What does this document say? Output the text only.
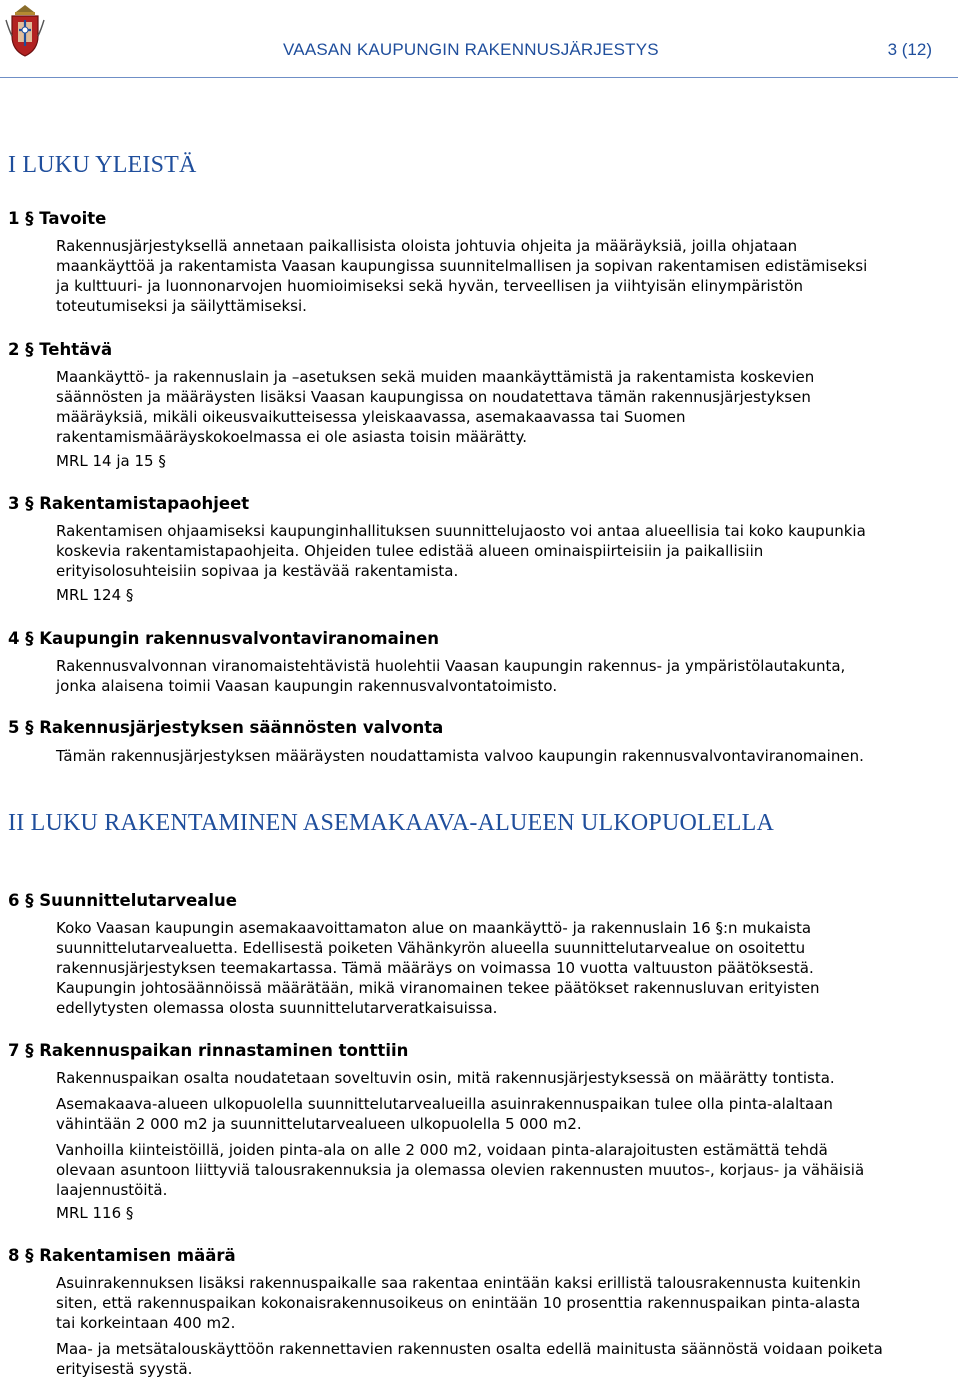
VAASAN KAUPUNGIN RAKENNUSJÄRJESTYS	3 (12)
I LUKU YLEISTÄ
1 § Tavoite
Rakennusjärjestyksellä annetaan paikallisista oloista johtuvia ohjeita ja määräyksiä, joilla ohjataan
maankäyttöä ja rakentamista Vaasan kaupungissa suunnitelmallisen ja sopivan rakentamisen edistämiseksi
ja kulttuuri- ja luonnonarvojen huomioimiseksi sekä hyvän, terveellisen ja viihtyisän elinympäristön
toteutumiseksi ja säilyttämiseksi.
2 § Tehtävä
Maankäyttö- ja rakennuslain ja –asetuksen sekä muiden maankäyttämistä ja rakentamista koskevien
säännösten ja määräysten lisäksi Vaasan kaupungissa on noudatettava tämän rakennusjärjestyksen
määräyksiä, mikäli oikeusvaikutteisessa yleiskaavassa, asemakaavassa tai Suomen
rakentamismääräyskokoelmassa ei ole asiasta toisin määrätty.
MRL 14 ja 15 §
3 § Rakentamistapaohjeet
Rakentamisen ohjaamiseksi kaupunginhallituksen suunnittelujaosto voi antaa alueellisia tai koko kaupunkia
koskevia rakentamistapaohjeita. Ohjeiden tulee edistää alueen ominaispiirteisiin ja paikallisiin
erityisolosuhteisiin sopivaa ja kestävää rakentamista.
MRL 124 §
4 § Kaupungin rakennusvalvontaviranomainen
Rakennusvalvonnan viranomaistehtävistä huolehtii Vaasan kaupungin rakennus- ja ympäristölautakunta,
jonka alaisena toimii Vaasan kaupungin rakennusvalvontatoimisto.
5 § Rakennusjärjestyksen säännösten valvonta
Tämän rakennusjärjestyksen määräysten noudattamista valvoo kaupungin rakennusvalvontaviranomainen.
II LUKU RAKENTAMINEN ASEMAKAAVA-ALUEEN ULKOPUOLELLA
6 § Suunnittelutarvealue
Koko Vaasan kaupungin asemakaavoittamaton alue on maankäyttö- ja rakennuslain 16 §:n mukaista
suunnittelutarvealuetta. Edellisestä poiketen Vähänkyrön alueella suunnittelutarvealue on osoitettu
rakennusjärjestyksen teemakartassa. Tämä määräys on voimassa 10 vuotta valtuuston päätöksestä.
Kaupungin johtosäännöissä määrätään, mikä viranomainen tekee päätökset rakennusluvan erityisten
edellytysten olemassa olosta suunnittelutarveratkaisuissa.
7 § Rakennuspaikan rinnastaminen tonttiin
Rakennuspaikan osalta noudatetaan soveltuvin osin, mitä rakennusjärjestyksessä on määrätty tontista.
Asemakaava-alueen ulkopuolella suunnittelutarvealueilla asuinrakennuspaikan tulee olla pinta-alaltaan
vähintään 2 000 m2 ja suunnittelutarvealueen ulkopuolella 5 000 m2.
Vanhoilla kiinteistöillä, joiden pinta-ala on alle 2 000 m2, voidaan pinta-alarajoitusten estämättä tehdä
olevaan asuntoon liittyviä talousrakennuksia ja olemassa olevien rakennusten muutos-, korjaus- ja vähäisiä
laajennustöitä.
MRL 116 §
8 § Rakentamisen määrä
Asuinrakennuksen lisäksi rakennuspaikalle saa rakentaa enintään kaksi erillistä talousrakennusta kuitenkin
siten, että rakennuspaikan kokonaisrakennusoikeus on enintään 10 prosenttia rakennuspaikan pinta-alasta
tai korkeintaan 400 m2.
Maa- ja metsätalouskäyttöön rakennettavien rakennusten osalta edellä mainitusta säännöstä voidaan poiketa
erityisestä syystä.
